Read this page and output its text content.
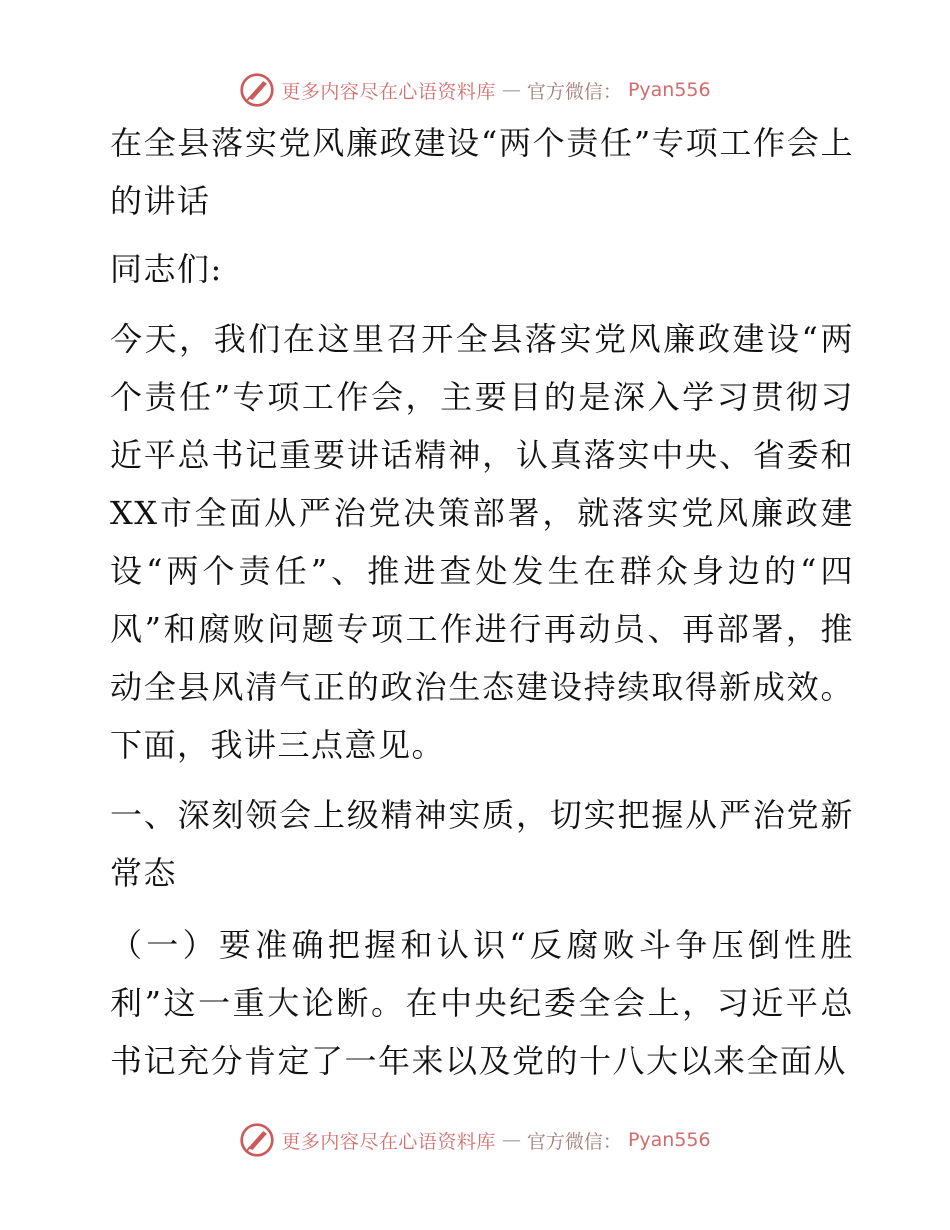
更多内容尽在心语资料库 — 官方微信： Pyan556

在全县落实党风廉政建设“两个责任”专项工作会上的讲话

同志们:

今天，我们在这里召开全县落实党风廉政建设“两个责任”专项工作会，主要目的是深入学习贯彻习近平总书记重要讲话精神，认真落实中央、省委和XX市全面从严治党决策部署，就落实党风廉政建设“两个责任”、推进查处发生在群众身边的“四风”和腐败问题专项工作进行再动员、再部署，推动全县风清气正的政治生态建设持续取得新成效。下面，我讲三点意见。

一、深刻领会上级精神实质，切实把握从严治党新常态

（一）要准确把握和认识“反腐败斗争压倒性胜利”这一重大论断。在中央纪委全会上，习近平总书记充分肯定了一年来以及党的十八大以来全面从

更多内容尽在心语资料库 — 官方微信： Pyan556
